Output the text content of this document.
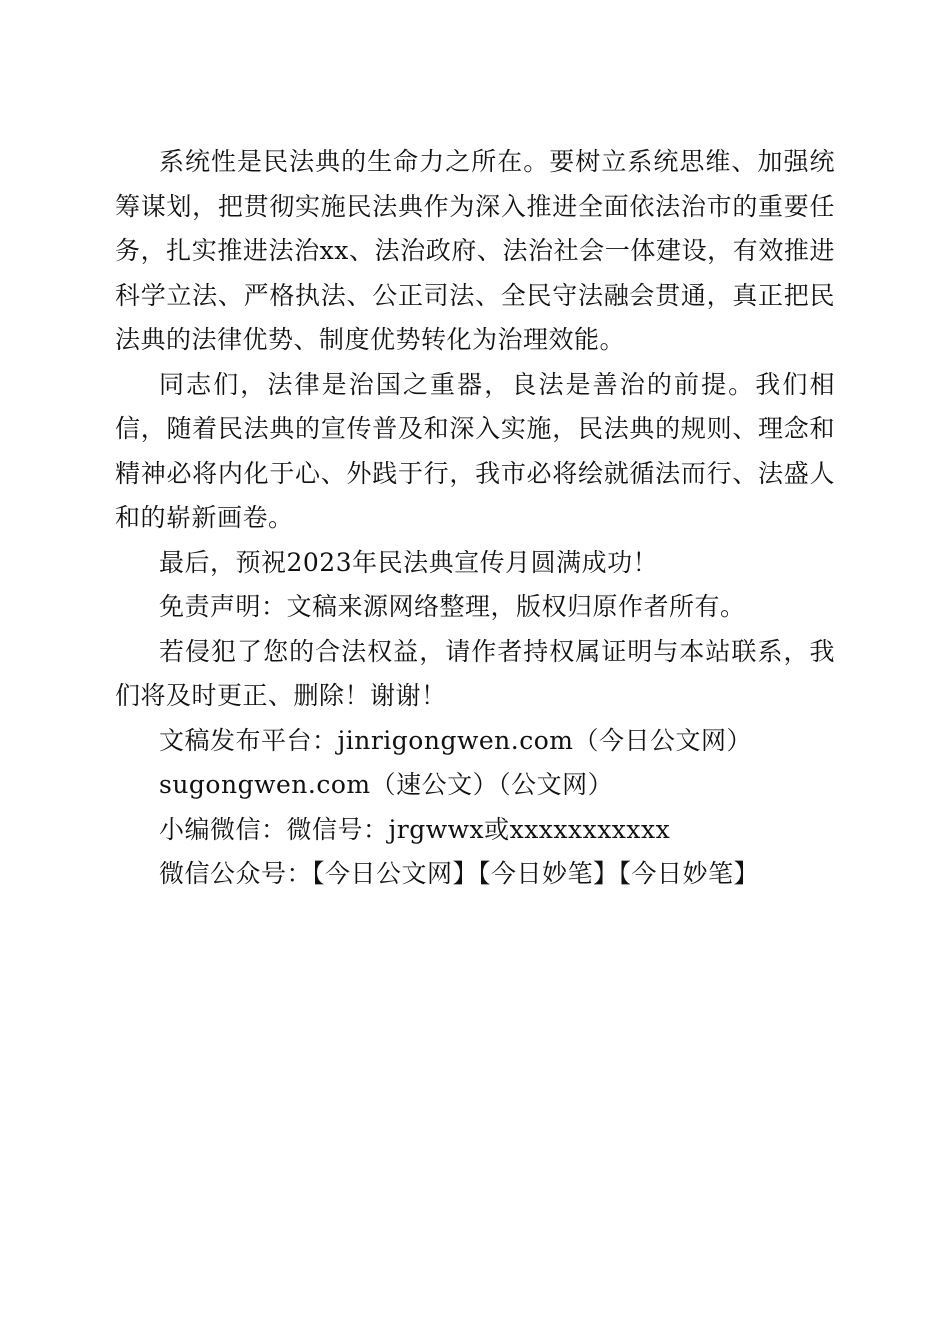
系统性是民法典的生命力之所在。要树立系统思维、加强统筹谋划，把贯彻实施民法典作为深入推进全面依法治市的重要任务，扎实推进法治xx、法治政府、法治社会一体建设，有效推进科学立法、严格执法、公正司法、全民守法融会贯通，真正把民法典的法律优势、制度优势转化为治理效能。

同志们，法律是治国之重器，良法是善治的前提。我们相信，随着民法典的宣传普及和深入实施，民法典的规则、理念和精神必将内化于心、外践于行，我市必将绘就循法而行、法盛人和的崭新画卷。

最后，预祝2023年民法典宣传月圆满成功！

免责声明：文稿来源网络整理，版权归原作者所有。

若侵犯了您的合法权益，请作者持权属证明与本站联系，我们将及时更正、删除！谢谢！

文稿发布平台：jinrigongwen.com（今日公文网）

sugongwen.com（速公文）（公文网）

小编微信：微信号：jrgwwx或xxxxxxxxxxx

微信公众号：【今日公文网】【今日妙笔】【今日妙笔】
